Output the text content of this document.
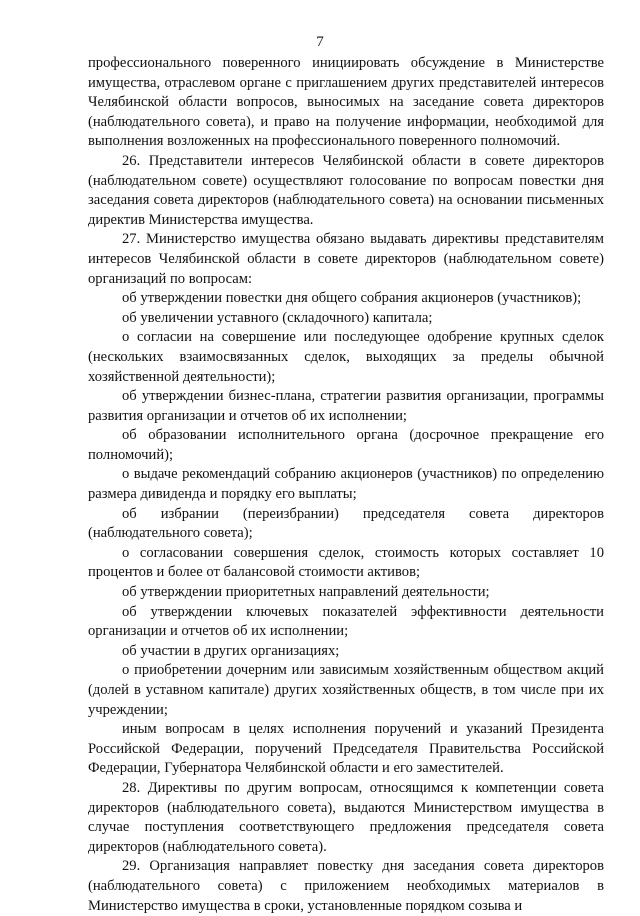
7

профессионального поверенного инициировать обсуждение в Министерстве имущества, отраслевом органе с приглашением других представителей интересов Челябинской области вопросов, выносимых на заседание совета директоров (наблюдательного совета), и право на получение информации, необходимой для выполнения возложенных на профессионального поверенного полномочий.

26. Представители интересов Челябинской области в совете директоров (наблюдательном совете) осуществляют голосование по вопросам повестки дня заседания совета директоров (наблюдательного совета) на основании письменных директив Министерства имущества.

27. Министерство имущества обязано выдавать директивы представителям интересов Челябинской области в совете директоров (наблюдательном совете) организаций по вопросам:

об утверждении повестки дня общего собрания акционеров (участников);

об увеличении уставного (складочного) капитала;

о согласии на совершение или последующее одобрение крупных сделок (нескольких взаимосвязанных сделок, выходящих за пределы обычной хозяйственной деятельности);

об утверждении бизнес-плана, стратегии развития организации, программы развития организации и отчетов об их исполнении;

об образовании исполнительного органа (досрочное прекращение его полномочий);

о выдаче рекомендаций собранию акционеров (участников) по определению размера дивиденда и порядку его выплаты;

об избрании (переизбрании) председателя совета директоров (наблюдательного совета);

о согласовании совершения сделок, стоимость которых составляет 10 процентов и более от балансовой стоимости активов;

об утверждении приоритетных направлений деятельности;

об утверждении ключевых показателей эффективности деятельности организации и отчетов об их исполнении;

об участии в других организациях;

о приобретении дочерним или зависимым хозяйственным обществом акций (долей в уставном капитале) других хозяйственных обществ, в том числе при их учреждении;

иным вопросам в целях исполнения поручений и указаний Президента Российской Федерации, поручений Председателя Правительства Российской Федерации, Губернатора Челябинской области и его заместителей.

28. Директивы по другим вопросам, относящимся к компетенции совета директоров (наблюдательного совета), выдаются Министерством имущества в случае поступления соответствующего предложения председателя совета директоров (наблюдательного совета).

29. Организация направляет повестку дня заседания совета директоров (наблюдательного совета) с приложением необходимых материалов в Министерство имущества в сроки, установленные порядком созыва и
